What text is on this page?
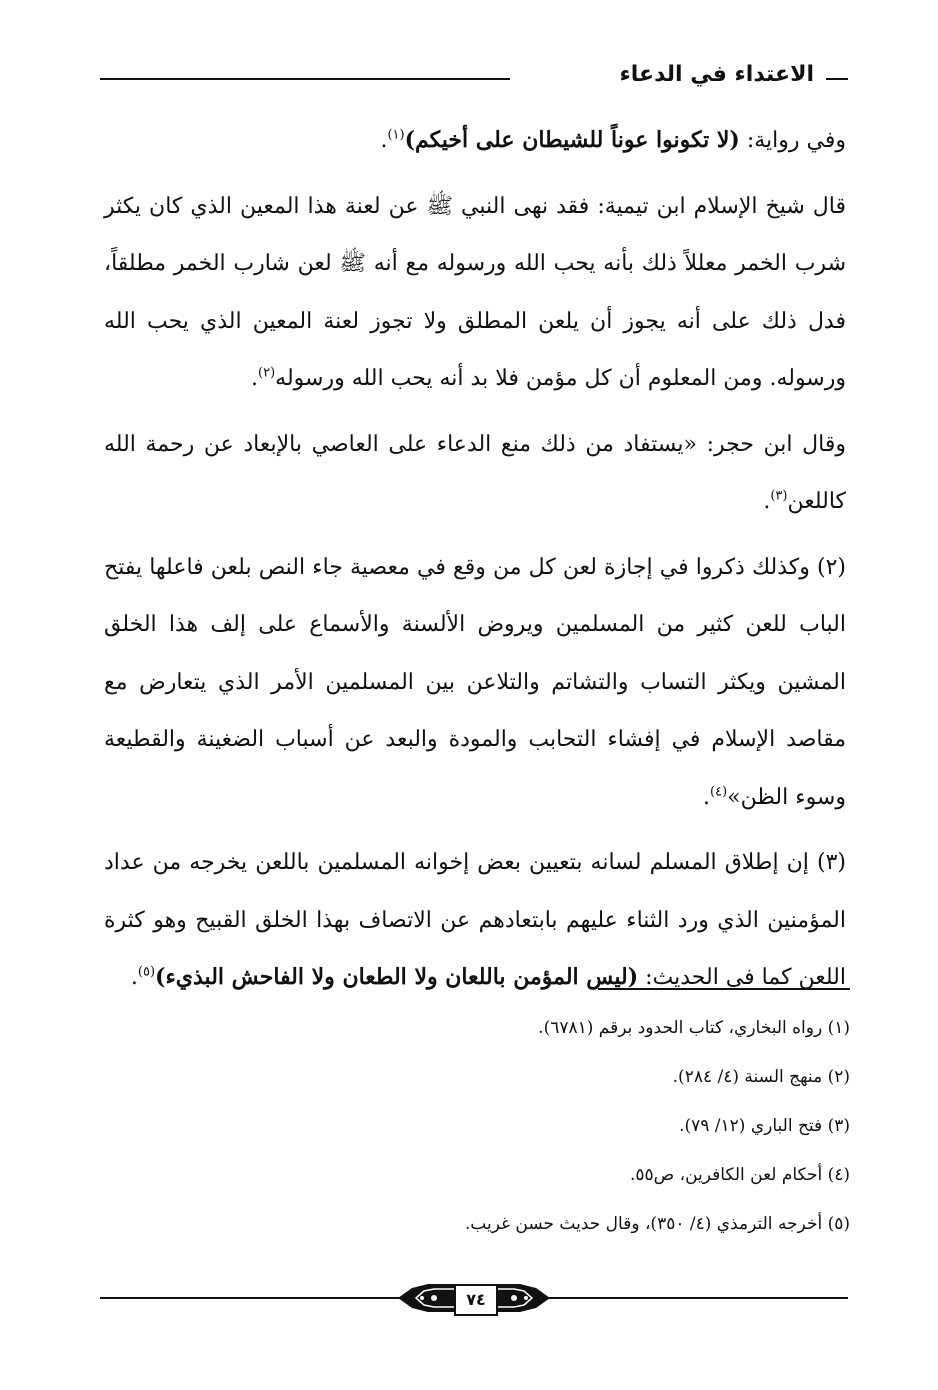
الاعتداء في الدعاء

وفي رواية: (لا تكونوا عوناً للشيطان على أخيكم)$^{(١)}$.

قال شيخ الإسلام ابن تيمية: فقد نهى النبي ﷺ عن لعنة هذا المعين الذي كان يكثر شرب الخمر معللاً ذلك بأنه يحب الله ورسوله مع أنه ﷺ لعن شارب الخمر مطلقاً، فدل ذلك على أنه يجوز أن يلعن المطلق ولا تجوز لعنة المعين الذي يحب الله ورسوله. ومن المعلوم أن كل مؤمن فلا بد أنه يحب الله ورسوله$^{(٢)}$.

وقال ابن حجر: «يستفاد من ذلك منع الدعاء على العاصي بالإبعاد عن رحمة الله كاللعن$^{(٣)}$.

(٢) وكذلك ذكروا في إجازة لعن كل من وقع في معصية جاء النص بلعن فاعلها يفتح الباب للعن كثير من المسلمين ويروض الألسنة والأسماع على إلف هذا الخلق المشين ويكثر التساب والتشاتم والتلاعن بين المسلمين الأمر الذي يتعارض مع مقاصد الإسلام في إفشاء التحابب والمودة والبعد عن أسباب الضغينة والقطيعة وسوء الظن»$^{(٤)}$.

(٣) إن إطلاق المسلم لسانه بتعيين بعض إخوانه المسلمين باللعن يخرجه من عداد المؤمنين الذي ورد الثناء عليهم بابتعادهم عن الاتصاف بهذا الخلق القبيح وهو كثرة اللعن كما في الحديث: (ليس المؤمن باللعان ولا الطعان ولا الفاحش البذيء)$^{(٥)}$.

(١) رواه البخاري، كتاب الحدود برقم (٦٧٨١).
(٢) منهج السنة (٤/ ٢٨٤).
(٣) فتح الباري (١٢/ ٧٩).
(٤) أحكام لعن الكافرين، ص٥٥.
(٥) أخرجه الترمذي (٤/ ٣٥٠)، وقال حديث حسن غريب.
٧٤
